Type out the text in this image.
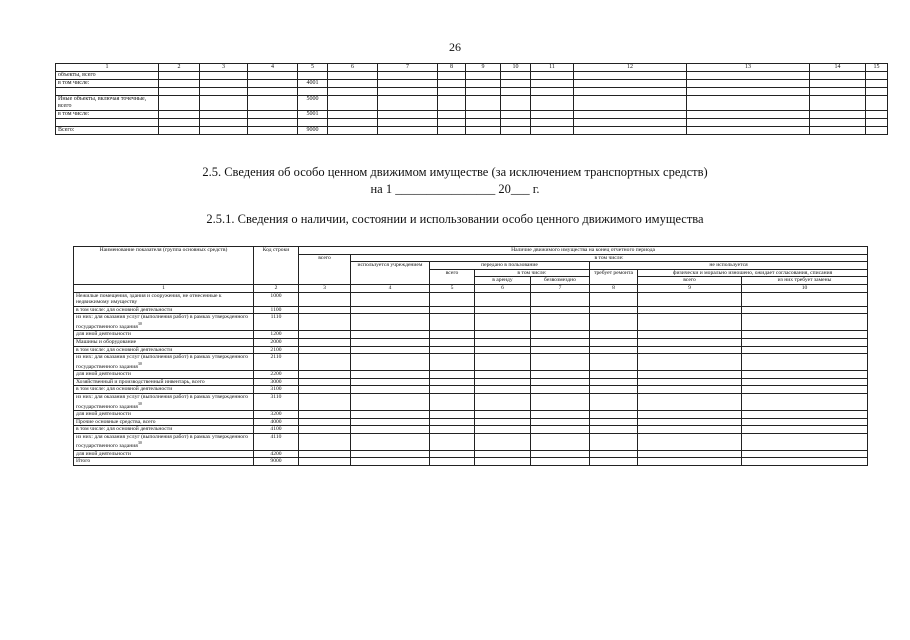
26
1	2	3	4	5	6	7	8	9	10	11	12	13	14	15
объекты, всего														
в том числе:				4001										

Иные объекты, включая точечные, всего				5000										
в том числе:				5001										

Всего:				9000										
2.5. Сведения об особо ценном движимом имуществе (за исключением транспортных средств)
на 1 ________________ 20___ г.
2.5.1. Сведения о наличии, состоянии и использовании особо ценного движимого имущества
Наименование показателя (группа основных средств)	Код строки	Наличие движимого имущества на конец отчетного периода							
		всего	в том числе:						
			используется учреждением	передано в пользование			не используется		
				всего	в том числе:		требует ремонта	физически и морально изношено, ожидает согласования, списания	
					в аренду	безвозмездно		всего	из них требует замены
1	2	3	4	5	6	7	8	9	10
Нежилые помещения, здания и сооружения, не отнесенные к недвижимому имуществу	1000								
в том числе: для основной деятельности	1100								
из них: для оказания услуг (выполнения работ) в рамках утвержденного государственного задания$^{30}$	1110								
для иной деятельности	1200								
Машины и оборудование	2000								
в том числе: для основной деятельности	2100								
из них: для оказания услуг (выполнения работ) в рамках утвержденного государственного задания$^{30}$	2110								
для иной деятельности	2200								
Хозяйственный и производственный инвентарь, всего	3000								
в том числе: для основной деятельности	3100								
из них: для оказания услуг (выполнения работ) в рамках утвержденного государственного задания$^{30}$	3110								
для иной деятельности	3200								
Прочие основные средства, всего	4000								
в том числе: для основной деятельности	4100								
из них: для оказания услуг (выполнения работ) в рамках утвержденного государственного задания$^{30}$	4110								
для иной деятельности	4200								
Итого	9000								
